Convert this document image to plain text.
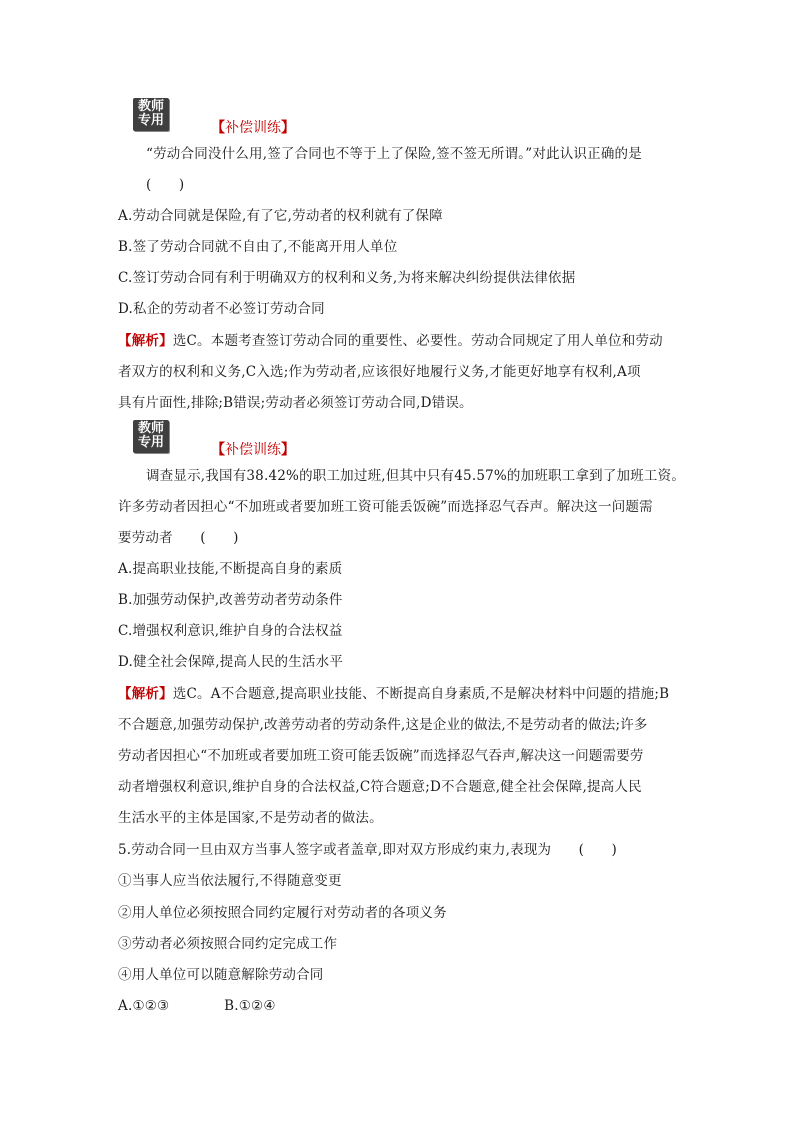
教师
专用	【补偿训练】
“劳动合同没什么用,签了合同也不等于上了保险,签不签无所谓。”对此认识正确的是
(　　)
A.劳动合同就是保险,有了它,劳动者的权利就有了保障
B.签了劳动合同就不自由了,不能离开用人单位
C.签订劳动合同有利于明确双方的权利和义务,为将来解决纠纷提供法律依据
D.私企的劳动者不必签订劳动合同
【解析】选C。本题考查签订劳动合同的重要性、必要性。劳动合同规定了用人单位和劳动
者双方的权利和义务,C入选;作为劳动者,应该很好地履行义务,才能更好地享有权利,A项
具有片面性,排除;B错误;劳动者必须签订劳动合同,D错误。
教师
专用	【补偿训练】
调查显示,我国有38.42%的职工加过班,但其中只有45.57%的加班职工拿到了加班工资。
许多劳动者因担心“不加班或者要加班工资可能丢饭碗”而选择忍气吞声。解决这一问题需
要劳动者　　(　　)
A.提高职业技能,不断提高自身的素质
B.加强劳动保护,改善劳动者劳动条件
C.增强权利意识,维护自身的合法权益
D.健全社会保障,提高人民的生活水平
【解析】选C。A不合题意,提高职业技能、不断提高自身素质,不是解决材料中问题的措施;B
不合题意,加强劳动保护,改善劳动者的劳动条件,这是企业的做法,不是劳动者的做法;许多
劳动者因担心“不加班或者要加班工资可能丢饭碗”而选择忍气吞声,解决这一问题需要劳
动者增强权利意识,维护自身的合法权益,C符合题意;D不合题意,健全社会保障,提高人民
生活水平的主体是国家,不是劳动者的做法。
5.劳动合同一旦由双方当事人签字或者盖章,即对双方形成约束力,表现为　　(　　)
①当事人应当依法履行,不得随意变更
②用人单位必须按照合同约定履行对劳动者的各项义务
③劳动者必须按照合同约定完成工作
④用人单位可以随意解除劳动合同
A.①②③　　　　B.①②④
